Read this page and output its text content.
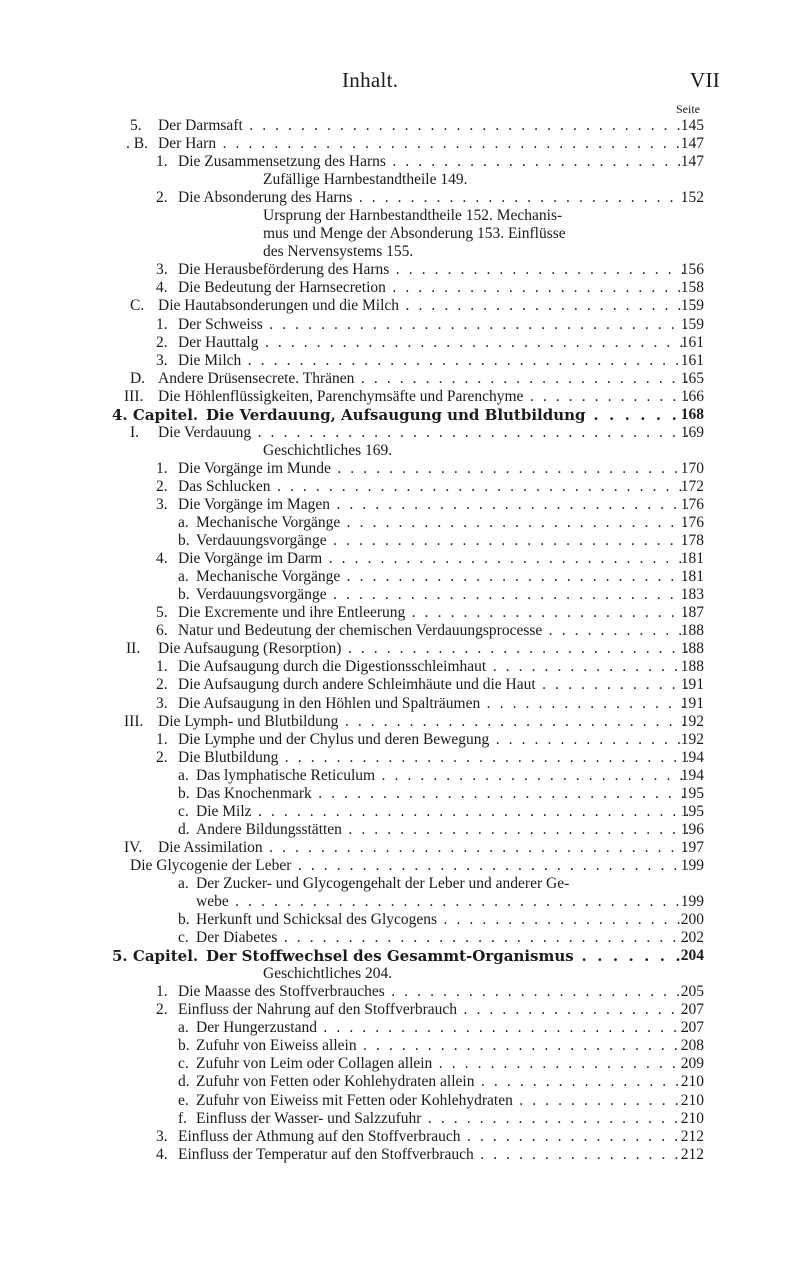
Inhalt.	VII
Seite
5. Der Darmsaft . . .	145
. B. Der Harn . . .	147
1. Die Zusammensetzung des Harns . . .	147
Zufällige Harnbestandtheile 149.
2. Die Absonderung des Harns . . .	152
Ursprung der Harnbestandtheile 152. Mechanis-
mus und Menge der Absonderung 153. Einflüsse
des Nervensystems 155.
3. Die Herausbeförderung des Harns . . .	156
4. Die Bedeutung der Harnsecretion . . .	158
C. Die Hautabsonderungen und die Milch . . .	159
1. Der Schweiss . . .	159
2. Der Hauttalg . . .	161
3. Die Milch . . .	161
D. Andere Drüsensecrete. Thränen . . .	165
III. Die Höhlenflüssigkeiten, Parenchymsäfte und Parenchyme . . .	166
4. Capitel. Die Verdauung, Aufsaugung und Blutbildung . . .	168
I. Die Verdauung . . .	169
Geschichtliches 169.
1. Die Vorgänge im Munde . . .	170
2. Das Schlucken . . .	172
3. Die Vorgänge im Magen . . .	176
a. Mechanische Vorgänge . . .	176
b. Verdauungsvorgänge . . .	178
4. Die Vorgänge im Darm . . .	181
a. Mechanische Vorgänge . . .	181
b. Verdauungsvorgänge . . .	183
5. Die Excremente und ihre Entleerung . . .	187
6. Natur und Bedeutung der chemischen Verdauungsprocesse . . .	188
II. Die Aufsaugung (Resorption) . . .	188
1. Die Aufsaugung durch die Digestionsschleimhaut . . .	188
2. Die Aufsaugung durch andere Schleimhäute und die Haut . . .	191
3. Die Aufsaugung in den Höhlen und Spalträumen . . .	191
III. Die Lymph- und Blutbildung . . .	192
1. Die Lymphe und der Chylus und deren Bewegung . . .	192
2. Die Blutbildung . . .	194
a. Das lymphatische Reticulum . . .	194
b. Das Knochenmark . . .	195
c. Die Milz . . .	195
d. Andere Bildungsstätten . . .	196
IV. Die Assimilation . . .	197
Die Glycogenie der Leber . . .	199
a. Der Zucker- und Glycogengehalt der Leber und anderer Ge-
webe . . .	199
b. Herkunft und Schicksal des Glycogens . . .	200
c. Der Diabetes . . .	202
5. Capitel. Der Stoffwechsel des Gesammt-Organismus . . .	204
Geschichtliches 204.
1. Die Maasse des Stoffverbrauches . . .	205
2. Einfluss der Nahrung auf den Stoffverbrauch . . .	207
a. Der Hungerzustand . . .	207
b. Zufuhr von Eiweiss allein . . .	208
c. Zufuhr von Leim oder Collagen allein . . .	209
d. Zufuhr von Fetten oder Kohlehydraten allein . . .	210
e. Zufuhr von Eiweiss mit Fetten oder Kohlehydraten . . .	210
f. Einfluss der Wasser- und Salzzufuhr . . .	210
3. Einfluss der Athmung auf den Stoffverbrauch . . .	212
4. Einfluss der Temperatur auf den Stoffverbrauch . . .	212
